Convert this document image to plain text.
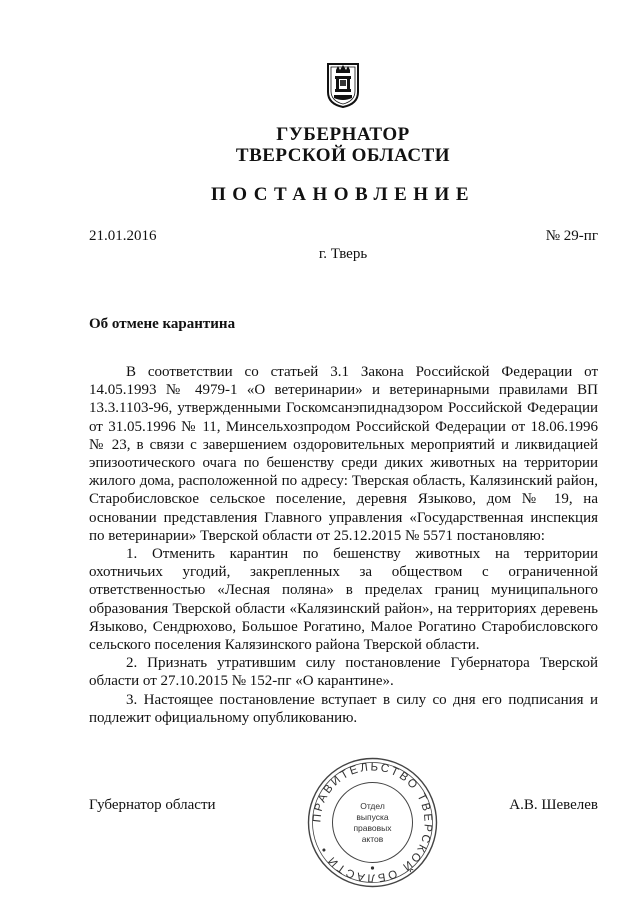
ГУБЕРНАТОР
ТВЕРСКОЙ ОБЛАСТИ
ПОСТАНОВЛЕНИЕ
21.01.2016	№ 29-пг
г. Тверь
Об отмене карантина

В соответствии со статьей 3.1 Закона Российской Федерации от 14.05.1993 № 4979-1 «О ветеринарии» и ветеринарными правилами ВП 13.3.1103-96, утвержденными Госкомсанэпиднадзором Российской Федерации от 31.05.1996 № 11, Минсельхозпродом Российской Федерации от 18.06.1996 № 23, в связи с завершением оздоровительных мероприятий и ликвидацией эпизоотического очага по бешенству среди диких животных на территории жилого дома, расположенной по адресу: Тверская область, Калязинский район, Старобисловское сельское поселение, деревня Языково, дом № 19, на основании представления Главного управления «Государственная инспекция по ветеринарии» Тверской области от 25.12.2015 № 5571 постановляю:

1. Отменить карантин по бешенству животных на территории охотничьих угодий, закрепленных за обществом с ограниченной ответственностью «Лесная поляна» в пределах границ муниципального образования Тверской области «Калязинский район», на территориях деревень Языково, Сендрюхово, Большое Рогатино, Малое Рогатино Старобисловского сельского поселения Калязинского района Тверской области.

2. Признать утратившим силу постановление Губернатора Тверской области от 27.10.2015 № 152-пг «О карантине».

3. Настоящее постановление вступает в силу со дня его подписания и подлежит официальному опубликованию.

Губернатор области	А.В. Шевелев
ПРАВИТЕЛЬСТВО ТВЕРСКОЙ ОБЛАСТИ •
Отдел
выпуска
правовых
актов
